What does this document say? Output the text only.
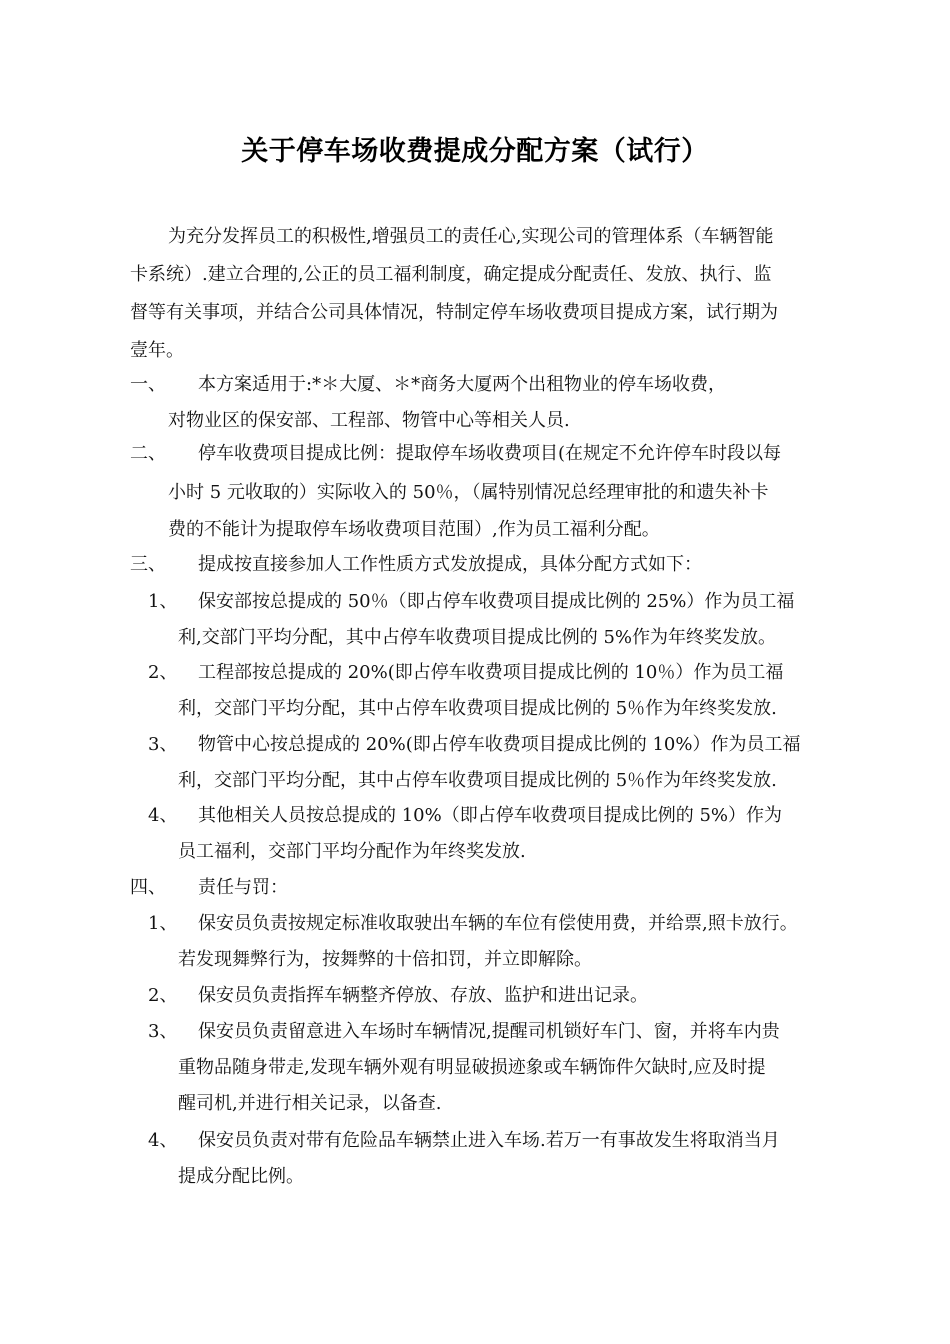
关于停车场收费提成分配方案（试行）
为充分发挥员工的积极性,增强员工的责任心,实现公司的管理体系（车辆智能
卡系统）.建立合理的,公正的员工福利制度，确定提成分配责任、发放、执行、监
督等有关事项，并结合公司具体情况，特制定停车场收费项目提成方案，试行期为
壹年。
一、 本方案适用于:*＊大厦、＊*商务大厦两个出租物业的停车场收费，
对物业区的保安部、工程部、物管中心等相关人员.
二、 停车收费项目提成比例：提取停车场收费项目(在规定不允许停车时段以每
小时 5 元收取的）实际收入的 50％，（属特别情况总经理审批的和遗失补卡
费的不能计为提取停车场收费项目范围）,作为员工福利分配。
三、 提成按直接参加人工作性质方式发放提成，具体分配方式如下：
1、 保安部按总提成的 50％（即占停车收费项目提成比例的 25%）作为员工福
利,交部门平均分配，其中占停车收费项目提成比例的 5%作为年终奖发放。
2、 工程部按总提成的 20%(即占停车收费项目提成比例的 10％）作为员工福
利，交部门平均分配，其中占停车收费项目提成比例的 5％作为年终奖发放.
3、 物管中心按总提成的 20%(即占停车收费项目提成比例的 10%）作为员工福
利，交部门平均分配，其中占停车收费项目提成比例的 5％作为年终奖发放.
4、 其他相关人员按总提成的 10%（即占停车收费项目提成比例的 5%）作为
员工福利，交部门平均分配作为年终奖发放.
四、 责任与罚：
1、 保安员负责按规定标准收取驶出车辆的车位有偿使用费，并给票,照卡放行。
若发现舞弊行为，按舞弊的十倍扣罚，并立即解除。
2、 保安员负责指挥车辆整齐停放、存放、监护和进出记录。
3、 保安员负责留意进入车场时车辆情况,提醒司机锁好车门、窗，并将车内贵
重物品随身带走,发现车辆外观有明显破损迹象或车辆饰件欠缺时,应及时提
醒司机,并进行相关记录，以备查.
4、 保安员负责对带有危险品车辆禁止进入车场.若万一有事故发生将取消当月
提成分配比例。
